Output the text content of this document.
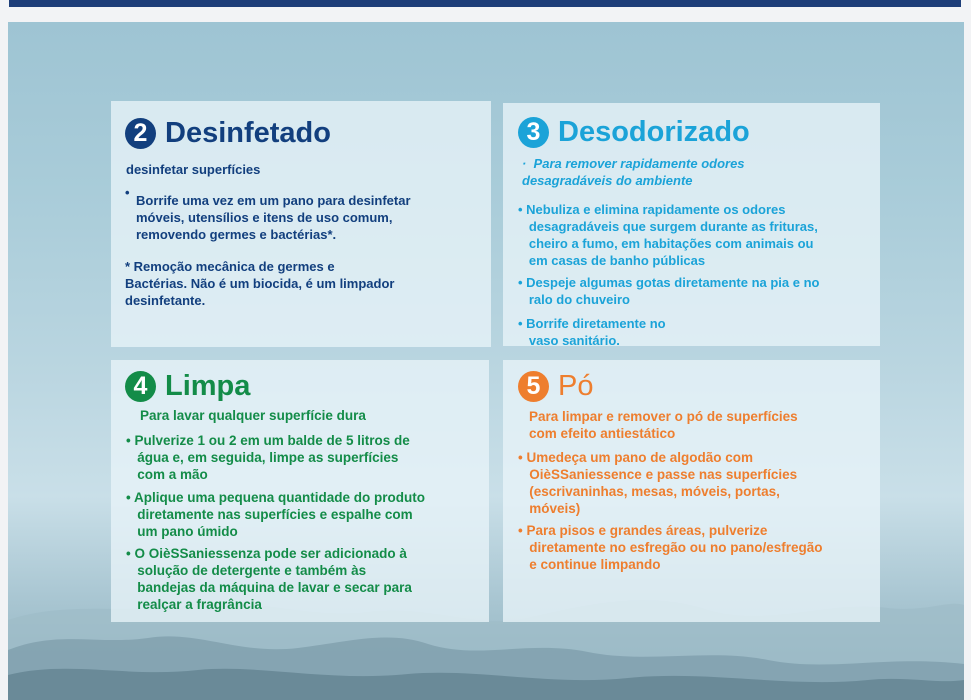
2 Desinfetado
desinfetar superfícies
•
Borrife uma vez em um pano para desinfetar
móveis, utensílios e itens de uso comum,
removendo germes e bactérias*.
* Remoção mecânica de germes e
Bactérias. Não é um biocida, é um limpador
desinfetante.
3 Desodorizado
·  Para remover rapidamente odores
desagradáveis do ambiente
• Nebuliza e elimina rapidamente os odores
desagradáveis que surgem durante as frituras,
cheiro a fumo, em habitações com animais ou
em casas de banho públicas
• Despeje algumas gotas diretamente na pia e no
ralo do chuveiro
• Borrife diretamente no
vaso sanitário.
4 Limpa
Para lavar qualquer superfície dura
• Pulverize 1 ou 2 em um balde de 5 litros de
água e, em seguida, limpe as superfícies
com a mão
• Aplique uma pequena quantidade do produto
diretamente nas superfícies e espalhe com
um pano úmido
• O OièSSaniessenza pode ser adicionado à
solução de detergente e também às
bandejas da máquina de lavar e secar para
realçar a fragrância
5 Pó
Para limpar e remover o pó de superfícies
com efeito antiestático
• Umedeça um pano de algodão com
OièSSaniessence e passe nas superfícies
(escrivaninhas, mesas, móveis, portas,
móveis)
• Para pisos e grandes áreas, pulverize
diretamente no esfregão ou no pano/esfregão
e continue limpando
